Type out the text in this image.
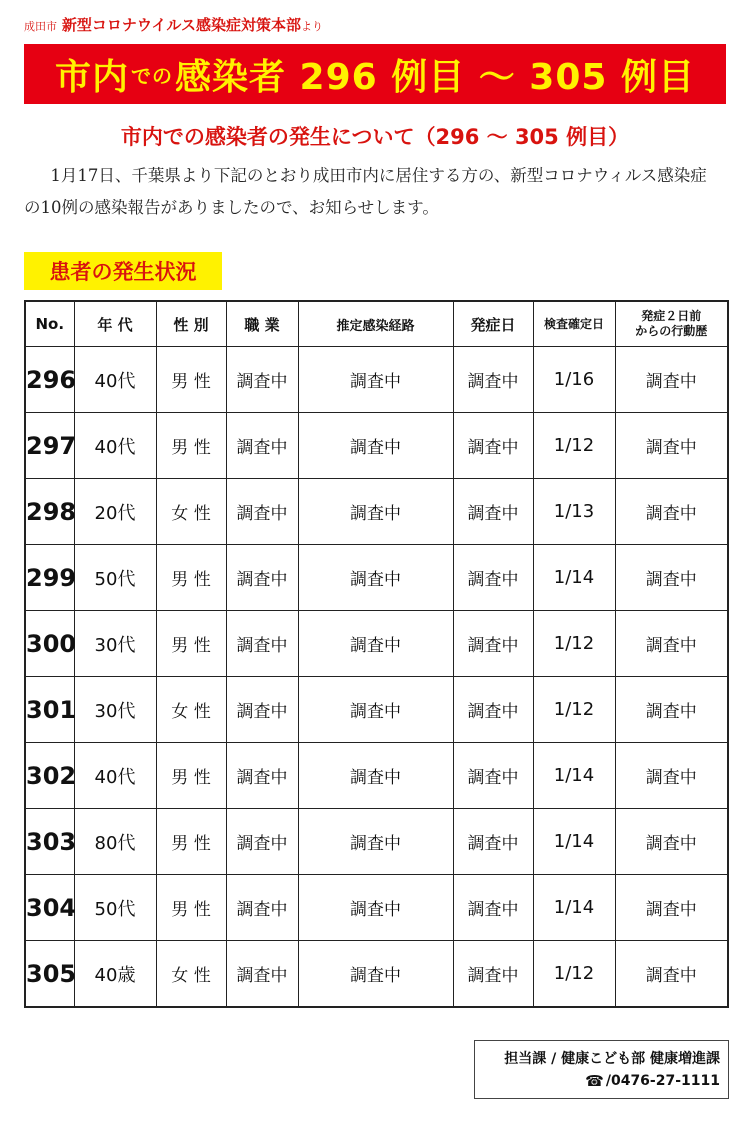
成田市 新型コロナウイルス感染症対策本部より
市内 での 感染者 296 例目 ～ 305 例目
市内での感染者の発生について（296 ～ 305 例目）
1月17日、千葉県より下記のとおり成田市内に居住する方の、新型コロナウィルス感染症の10例の感染報告がありましたので、お知らせします。
患者の発生状況
No.	年 代	性 別	職 業	推定感染経路	発症日	検査確定日	発症２日前
からの行動歴

296	40代	男 性	調査中	調査中	調査中	1/16	調査中
297	40代	男 性	調査中	調査中	調査中	1/12	調査中
298	20代	女 性	調査中	調査中	調査中	1/13	調査中
299	50代	男 性	調査中	調査中	調査中	1/14	調査中
300	30代	男 性	調査中	調査中	調査中	1/12	調査中
301	30代	女 性	調査中	調査中	調査中	1/12	調査中
302	40代	男 性	調査中	調査中	調査中	1/14	調査中
303	80代	男 性	調査中	調査中	調査中	1/14	調査中
304	50代	男 性	調査中	調査中	調査中	1/14	調査中
305	40歳	女 性	調査中	調査中	調査中	1/12	調査中
担当課 / 健康こども部 健康増進課
☎ /0476-27-1111
